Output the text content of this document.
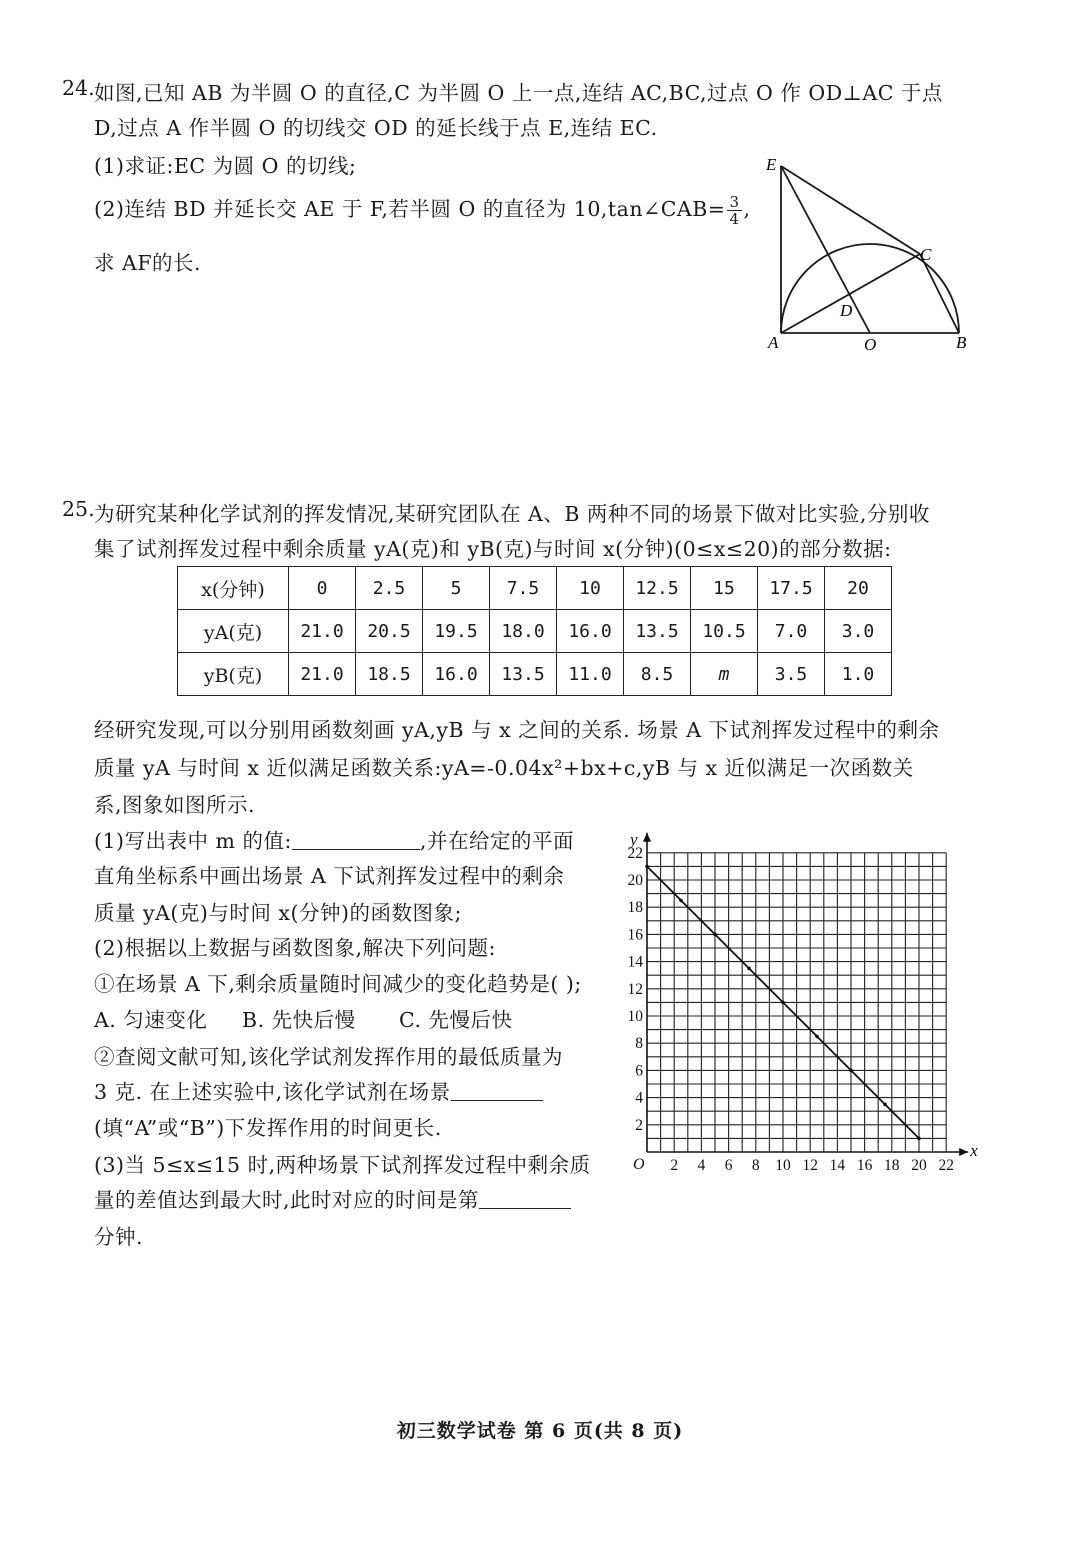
24. 如图,已知 AB 为半圆 O 的直径,C 为半圆 O 上一点,连结 AC,BC,过点 O 作 OD⊥AC 于点
D,过点 A 作半圆 O 的切线交 OD 的延长线于点 E,连结 EC.
(1)求证:EC 为圆 O 的切线;
(2)连结 BD 并延长交 AE 于 F,若半圆 O 的直径为 10,tan∠CAB= $\frac{3}{4}$ ,
求 AF的长.
E
C
D
A	O	B
25. 为研究某种化学试剂的挥发情况,某研究团队在 A、B 两种不同的场景下做对比实验,分别收
集了试剂挥发过程中剩余质量 yA(克)和 yB(克)与时间 x(分钟)(0≤x≤20)的部分数据:
x(分钟)	0	2.5	5	7.5	10	12.5	15	17.5	20
yA(克)	21.0	20.5	19.5	18.0	16.0	13.5	10.5	7.0	3.0
yB(克)	21.0	18.5	16.0	13.5	11.0	8.5	m	3.5	1.0
经研究发现,可以分别用函数刻画 yA,yB 与 x 之间的关系. 场景 A 下试剂挥发过程中的剩余
质量 yA 与时间 x 近似满足函数关系:yA=-0.04x²+bx+c,yB 与 x 近似满足一次函数关
系,图象如图所示.
(1)写出表中 m 的值:	,并在给定的平面
直角坐标系中画出场景 A 下试剂挥发过程中的剩余
质量 yA(克)与时间 x(分钟)的函数图象;
(2)根据以上数据与函数图象,解决下列问题:
①在场景 A 下,剩余质量随时间减少的变化趋势是( );
A. 匀速变化 B. 先快后慢 C. 先慢后快
②查阅文献可知,该化学试剂发挥作用的最低质量为
3 克. 在上述实验中,该化学试剂在场景
(填“A”或“B”)下发挥作用的时间更长.
(3)当 5≤x≤15 时,两种场景下试剂挥发过程中剩余质
量的差值达到最大时,此时对应的时间是第
分钟.
x
y
O 2 4 6 8 10 12 14 16 18 20 22
2
4
6
8
10
12
14
16
18
20
22
初三数学试卷 第 6 页(共 8 页)
